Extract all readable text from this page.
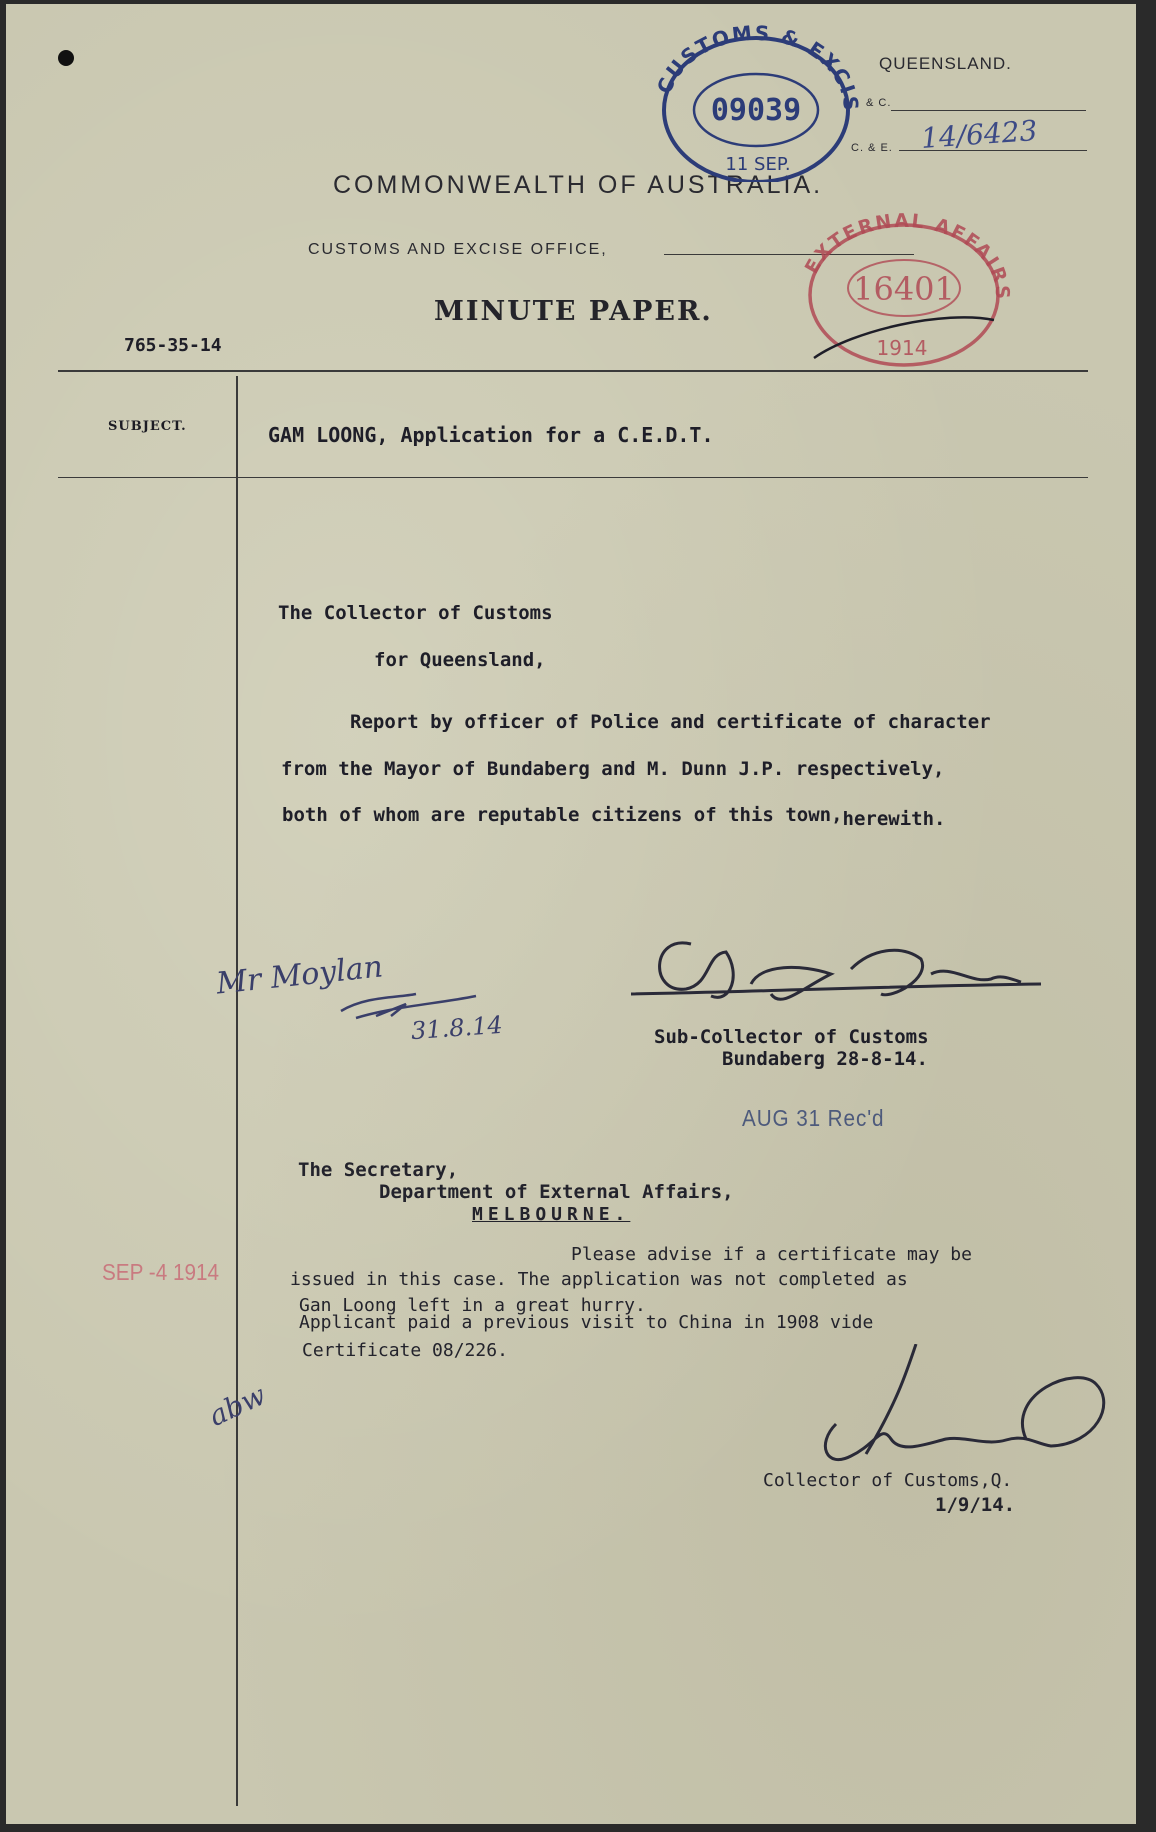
QUEENSLAND.
& C.
C. & E. 14/6423
COMMONWEALTH OF AUSTRALIA.
CUSTOMS AND EXCISE OFFICE,
MINUTE PAPER.
765-35-14
CUSTOMS & EXCIS
09039
11 SEP.
EXTERNAL AFFAIRS
16401
1914
SUBJECT.	GAM LOONG, Application for a C.E.D.T.
The Collector of Customs
for Queensland,
Report by officer of Police and certificate of character
from the Mayor of Bundaberg and M. Dunn J.P. respectively,
both of whom are reputable citizens of this town,herewith.
Mr Moylan
31.8.14	Sub-Collector of Customs
Bundaberg 28-8-14.
AUG 31 Rec'd
The Secretary,
Department of External Affairs,
MELBOURNE.
SEP -4 1914
Please advise if a certificate may be
issued in this case. The application was not completed as
Gan Loong left in a great hurry.
Applicant paid a previous visit to China in 1908 vide
Certificate 08/226.
abw
Collector of Customs,Q.
1/9/14.
